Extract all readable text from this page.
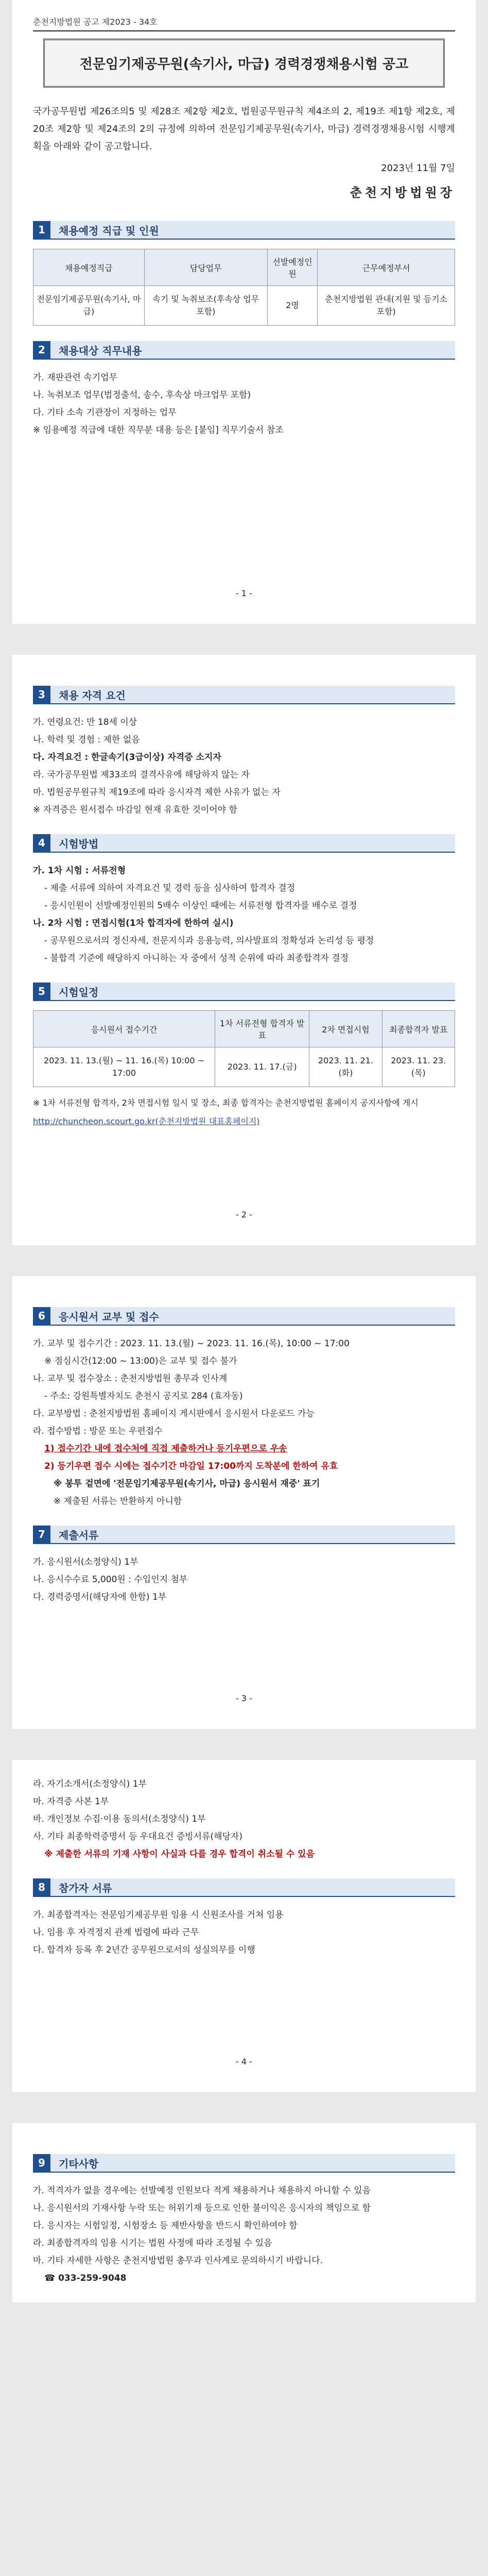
춘천지방법원 공고 제2023 - 34호
전문임기제공무원(속기사, 마급) 경력경쟁채용시험 공고

국가공무원법 제26조의5 및 제28조 제2항 제2호, 법원공무원규칙 제4조의 2, 제19조 제1항 제2호, 제20조 제2항 및 제24조의 2의 규정에 의하여 전문임기제공무원(속기사, 마급) 경력경쟁채용시험 시행계획을 아래와 같이 공고합니다.

2023년 11월 7일
춘천지방법원장
1	채용예정 직급 및 인원
채용예정직급	담당업무	선발예정인원	근무예정부서
전문임기제공무원(속기사, 마급)	속기 및 녹취보조(후속상 업무 포함)	2명	춘천지방법원 관내(지원 및 등기소 포함)
2	채용대상 직무내용

가. 재판관련 속기업무

나. 녹취보조 업무(법정출석, 송수, 후속상 마크업무 포함)

다. 기타 소속 기관장이 지정하는 업무

※ 임용예정 직급에 대한 직무분 대용 등은 [붙임] 직무기술서 참조

- 1 -
3	채용 자격 요건

가. 연령요건: 만 18세 이상

나. 학력 및 경험 : 제한 없음

다. 자격요건 : 한글속기(3급이상) 자격증 소지자

라. 국가공무원법 제33조의 결격사유에 해당하지 않는 자

마. 법원공무원규칙 제19조에 따라 응시자격 제한 사유가 없는 자

※ 자격증은 원서접수 마감일 현재 유효한 것이어야 함

4	시험방법

가. 1차 시험 : 서류전형

- 제출 서류에 의하여 자격요건 및 경력 등을 심사하여 합격자 결정

- 응시인원이 선발예정인원의 5배수 이상인 때에는 서류전형 합격자를 배수로 결정

나. 2차 시험 : 면접시험(1차 합격자에 한하여 실시)

- 공무원으로서의 정신자세, 전문지식과 응용능력, 의사발표의 정확성과 논리성 등 평정

- 불합격 기준에 해당하지 아니하는 자 중에서 성적 순위에 따라 최종합격자 결정

5	시험일정
응시원서 접수기간	1차 서류전형 합격자 발표	2차 면접시험	최종합격자 발표
2023. 11. 13.(월) ~ 11. 16.(목) 10:00 ~ 17:00	2023. 11. 17.(금)	2023. 11. 21.(화)	2023. 11. 23.(목)

※ 1차 서류전형 합격자, 2차 면접시험 일시 및 장소, 최종 합격자는 춘천지방법원 홈페이지 공지사항에 게시

http://chuncheon.scourt.go.kr(춘천지방법원 대표홈페이지)

- 2 -
6	응시원서 교부 및 접수

가. 교부 및 접수기간 : 2023. 11. 13.(월) ~ 2023. 11. 16.(목), 10:00 ~ 17:00

※ 점심시간(12:00 ~ 13:00)은 교부 및 접수 불가

나. 교부 및 접수장소 : 춘천지방법원 총무과 인사계

- 주소: 강원특별자치도 춘천시 공지로 284 (효자동)

다. 교부방법 : 춘천지방법원 홈페이지 게시판에서 응시원서 다운로드 가능

라. 접수방법 : 방문 또는 우편접수

1) 접수기간 내에 접수처에 직접 제출하거나 등기우편으로 우송

2) 등기우편 접수 시에는 접수기간 마감일 17:00까지 도착분에 한하여 유효

※ 봉투 겉면에 '전문임기제공무원(속기사, 마급) 응시원서 재중' 표기

※ 제출된 서류는 반환하지 아니함

7	제출서류

가. 응시원서(소정양식) 1부

나. 응시수수료 5,000원 : 수입인지 첨부

다. 경력증명서(해당자에 한함) 1부

- 3 -

라. 자기소개서(소정양식) 1부

마. 자격증 사본 1부

바. 개인정보 수집·이용 동의서(소정양식) 1부

사. 기타 최종학력증명서 등 우대요건 증빙서류(해당자)

※ 제출한 서류의 기재 사항이 사실과 다를 경우 합격이 취소될 수 있음

8	참가자 서류

가. 최종합격자는 전문임기제공무원 임용 시 신원조사를 거쳐 임용

나. 임용 후 자격정지 관계 법령에 따라 근무

다. 합격자 등록 후 2년간 공무원으로서의 성실의무를 이행

- 4 -
9	기타사항

가. 적격자가 없을 경우에는 선발예정 인원보다 적게 채용하거나 채용하지 아니할 수 있음

나. 응시원서의 기재사항 누락 또는 허위기재 등으로 인한 불이익은 응시자의 책임으로 함

다. 응시자는 시험일정, 시험장소 등 제반사항을 반드시 확인하여야 함

라. 최종합격자의 임용 시기는 법원 사정에 따라 조정될 수 있음

마. 기타 자세한 사항은 춘천지방법원 총무과 인사계로 문의하시기 바랍니다.

☎ 033-259-9048
